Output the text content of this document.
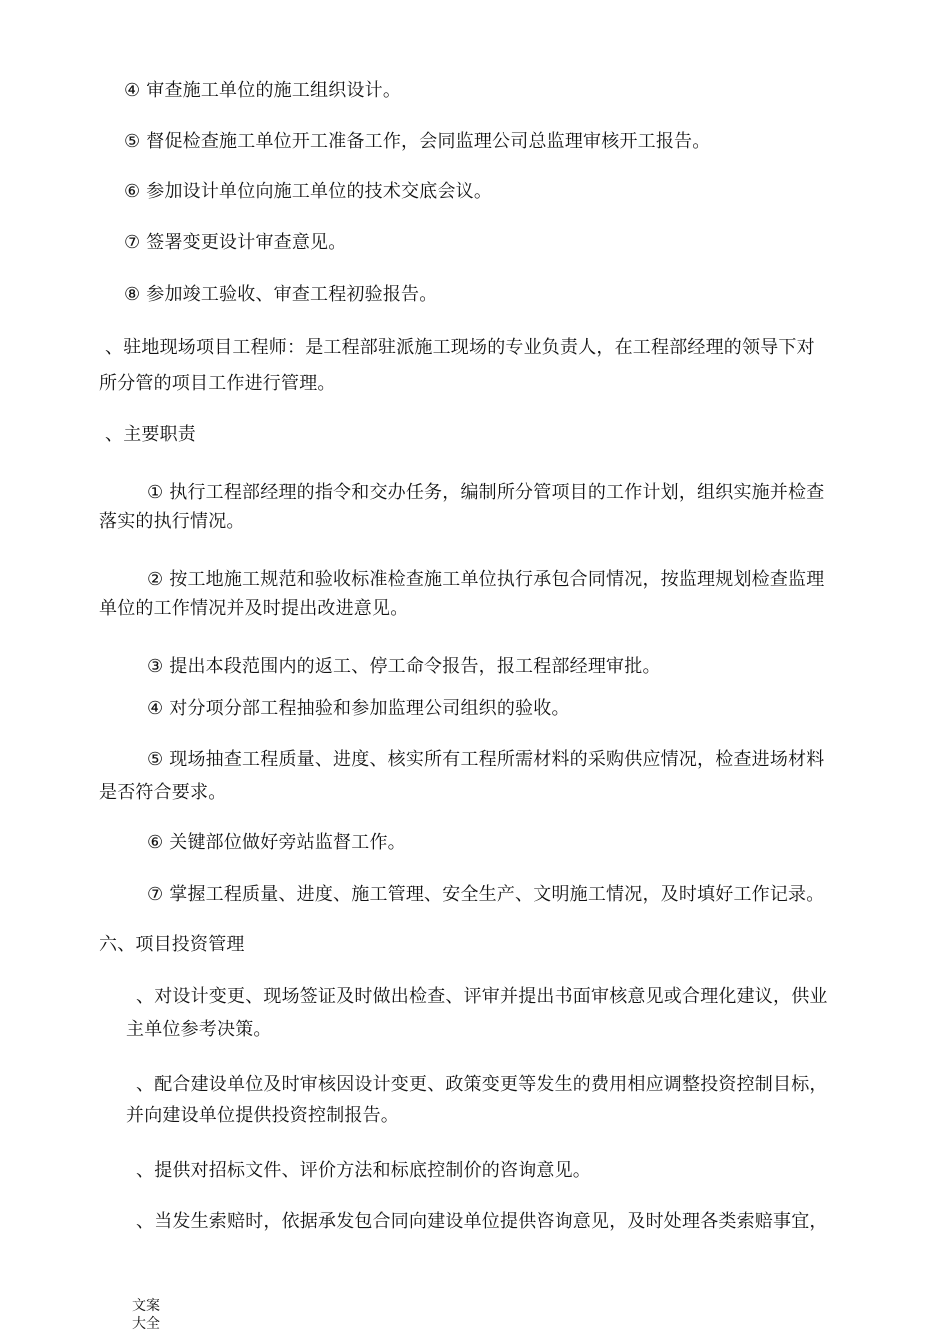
④ 审查施工单位的施工组织设计。

⑤ 督促检查施工单位开工准备工作，会同监理公司总监理审核开工报告。

⑥ 参加设计单位向施工单位的技术交底会议。

⑦ 签署变更设计审查意见。

⑧ 参加竣工验收、审查工程初验报告。

、驻地现场项目工程师：是工程部驻派施工现场的专业负责人，在工程部经理的领导下对

所分管的项目工作进行管理。

、主要职责

① 执行工程部经理的指令和交办任务，编制所分管项目的工作计划，组织实施并检查

落实的执行情况。

② 按工地施工规范和验收标准检查施工单位执行承包合同情况，按监理规划检查监理

单位的工作情况并及时提出改进意见。

③ 提出本段范围内的返工、停工命令报告，报工程部经理审批。

④ 对分项分部工程抽验和参加监理公司组织的验收。

⑤ 现场抽查工程质量、进度、核实所有工程所需材料的采购供应情况，检查进场材料

是否符合要求。

⑥ 关键部位做好旁站监督工作。

⑦ 掌握工程质量、进度、施工管理、安全生产、文明施工情况，及时填好工作记录。

六、项目投资管理

、对设计变更、现场签证及时做出检查、评审并提出书面审核意见或合理化建议，供业

主单位参考决策。

、配合建设单位及时审核因设计变更、政策变更等发生的费用相应调整投资控制目标，

并向建设单位提供投资控制报告。

、提供对招标文件、评价方法和标底控制价的咨询意见。

、当发生索赔时，依据承发包合同向建设单位提供咨询意见，及时处理各类索赔事宜，

文案
大全
